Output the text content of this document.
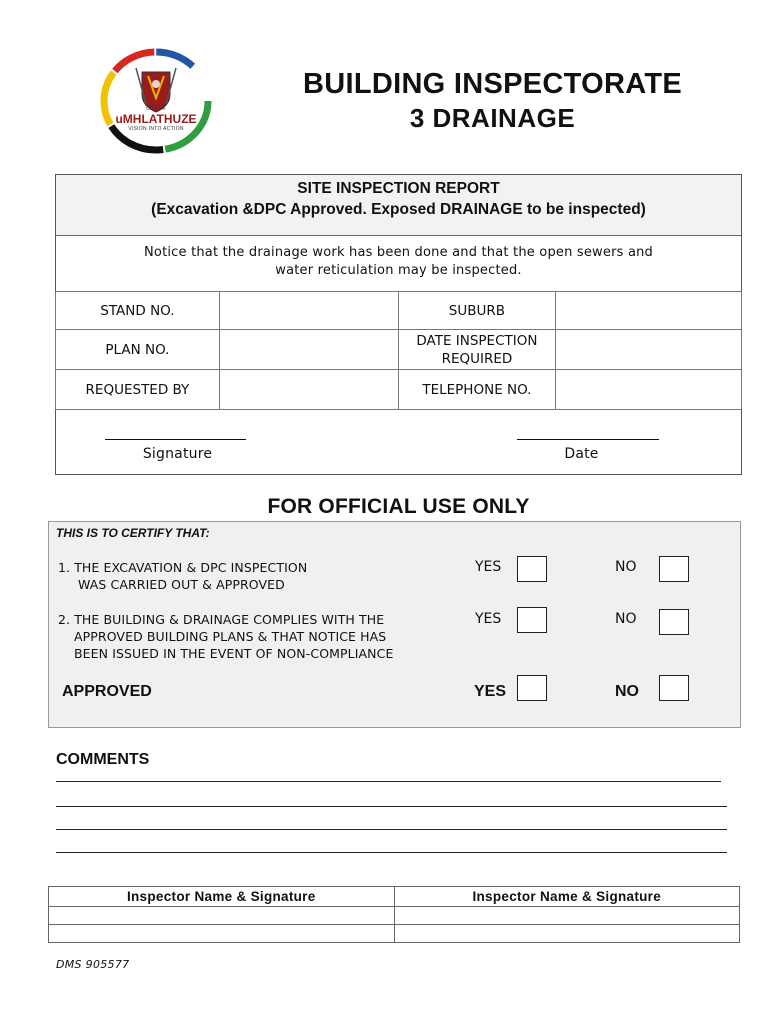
CITY OF
uMHLATHUZE
VISION INTO ACTION
BUILDING INSPECTORATE
3 DRAINAGE
SITE INSPECTION REPORT
(Excavation &DPC Approved. Exposed DRAINAGE to be inspected)
Notice that the drainage work has been done and that the open sewers and
water reticulation may be inspected.
STAND NO.		SUBURB	
PLAN NO.		DATE INSPECTION
REQUIRED	

REQUESTED BY		TELEPHONE NO.	
Signature	Date
FOR OFFICIAL USE ONLY
THIS IS TO CERTIFY THAT:
1. THE EXCAVATION & DPC INSPECTION
WAS CARRIED OUT & APPROVED
YES	NO
2. THE BUILDING & DRAINAGE COMPLIES WITH THE
APPROVED BUILDING PLANS & THAT NOTICE HAS
BEEN ISSUED IN THE EVENT OF NON-COMPLIANCE
YES	NO
APPROVED	YES	NO
COMMENTS
Inspector Name & Signature	Inspector Name & Signature

DMS 905577
